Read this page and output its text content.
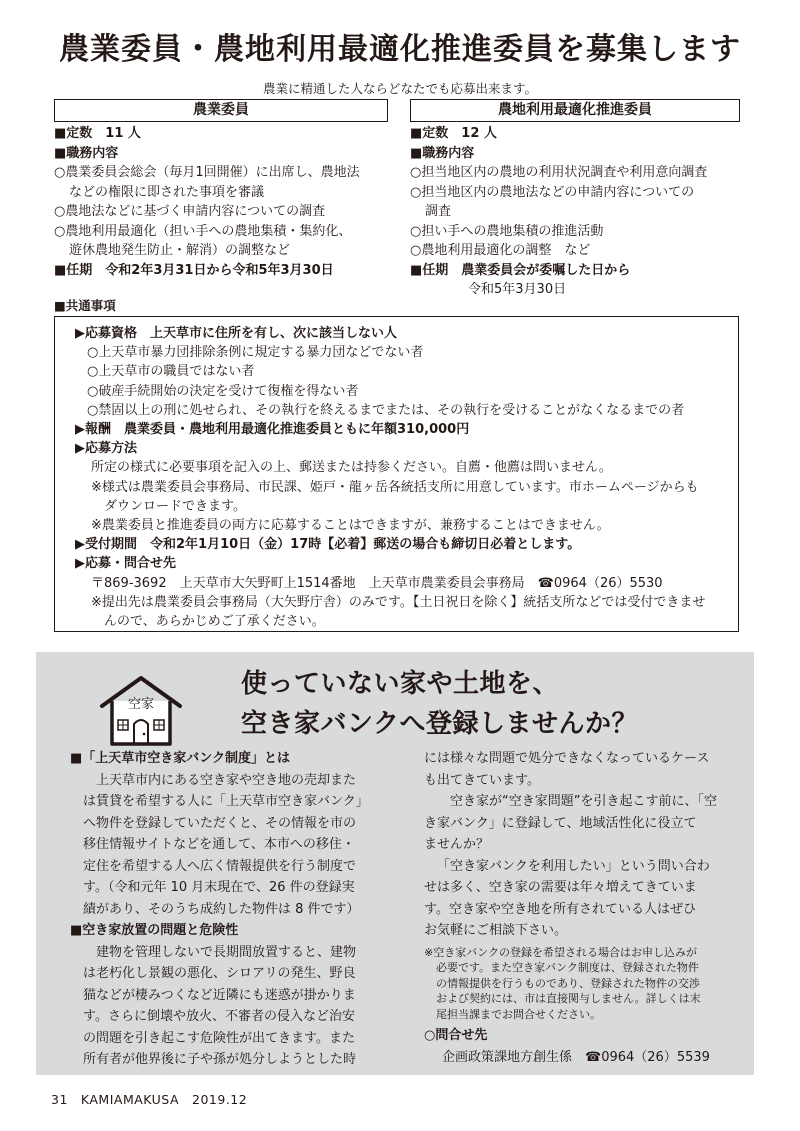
農業委員・農地利用最適化推進委員を募集します
農業に精通した人ならどなたでも応募出来ます。
農業委員

■定数　11 人

■職務内容

○農業委員会総会（毎月1回開催）に出席し、農地法

などの権限に即された事項を審議

○農地法などに基づく申請内容についての調査

○農地利用最適化（担い手への農地集積・集約化、

遊休農地発生防止・解消）の調整など

■任期　令和2年3月31日から令和5年3月30日

農地利用最適化推進委員

■定数　12 人

■職務内容

○担当地区内の農地の利用状況調査や利用意向調査

○担当地区内の農地法などの申請内容についての

調査

○担い手への農地集積の推進活動

○農地利用最適化の調整　など

■任期　農業委員会が委嘱した日から

令和5年3月30日

■共通事項

▶応募資格　上天草市に住所を有し、次に該当しない人

○上天草市暴力団排除条例に規定する暴力団などでない者

○上天草市の職員ではない者

○破産手続開始の決定を受けて復権を得ない者

○禁固以上の刑に処せられ、その執行を終えるまでまたは、その執行を受けることがなくなるまでの者

▶報酬　農業委員・農地利用最適化推進委員ともに年額310,000円

▶応募方法

所定の様式に必要事項を記入の上、郵送または持参ください。自薦・他薦は問いません。

※様式は農業委員会事務局、市民課、姫戸・龍ヶ岳各統括支所に用意しています。市ホームページからも

ダウンロードできます。

※農業委員と推進委員の両方に応募することはできますが、兼務することはできません。

▶受付期間　令和2年1月10日（金）17時【必着】郵送の場合も締切日必着とします。

▶応募・問合せ先

〒869-3692　上天草市大矢野町上1514番地　上天草市農業委員会事務局　☎0964（26）5530

※提出先は農業委員会事務局（大矢野庁舎）のみです。【土日祝日を除く】統括支所などでは受付できませ

んので、あらかじめご了承ください。

空家

使っていない家や土地を、

空き家バンクへ登録しませんか？

■「上天草市空き家バンク制度」とは

上天草市内にある空き家や空き地の売却また

は賃貸を希望する人に「上天草市空き家バンク」

へ物件を登録していただくと、その情報を市の

移住情報サイトなどを通して、本市への移住・

定住を希望する人へ広く情報提供を行う制度で

す。（令和元年 10 月末現在で、26 件の登録実

績があり、そのうち成約した物件は 8 件です）

■空き家放置の問題と危険性

建物を管理しないで長期間放置すると、建物

は老朽化し景観の悪化、シロアリの発生、野良

猫などが棲みつくなど近隣にも迷惑が掛かりま

す。さらに倒壊や放火、不審者の侵入など治安

の問題を引き起こす危険性が出てきます。また

所有者が他界後に子や孫が処分しようとした時

には様々な問題で処分できなくなっているケース

も出てきています。

空き家が“空き家問題”を引き起こす前に、「空

き家バンク」に登録して、地域活性化に役立て

ませんか？

「空き家バンクを利用したい」という問い合わ

せは多く、空き家の需要は年々増えてきていま

す。空き家や空き地を所有されている人はぜひ

お気軽にご相談下さい。

※空き家バンクの登録を希望される場合はお申し込みが

必要です。また空き家バンク制度は、登録された物件

の情報提供を行うものであり、登録された物件の交渉

および契約には、市は直接関与しません。詳しくは末

尾担当課までお問合せください。

○問合せ先

企画政策課地方創生係　☎0964（26）5539

31　KAMIAMAKUSA　2019.12
